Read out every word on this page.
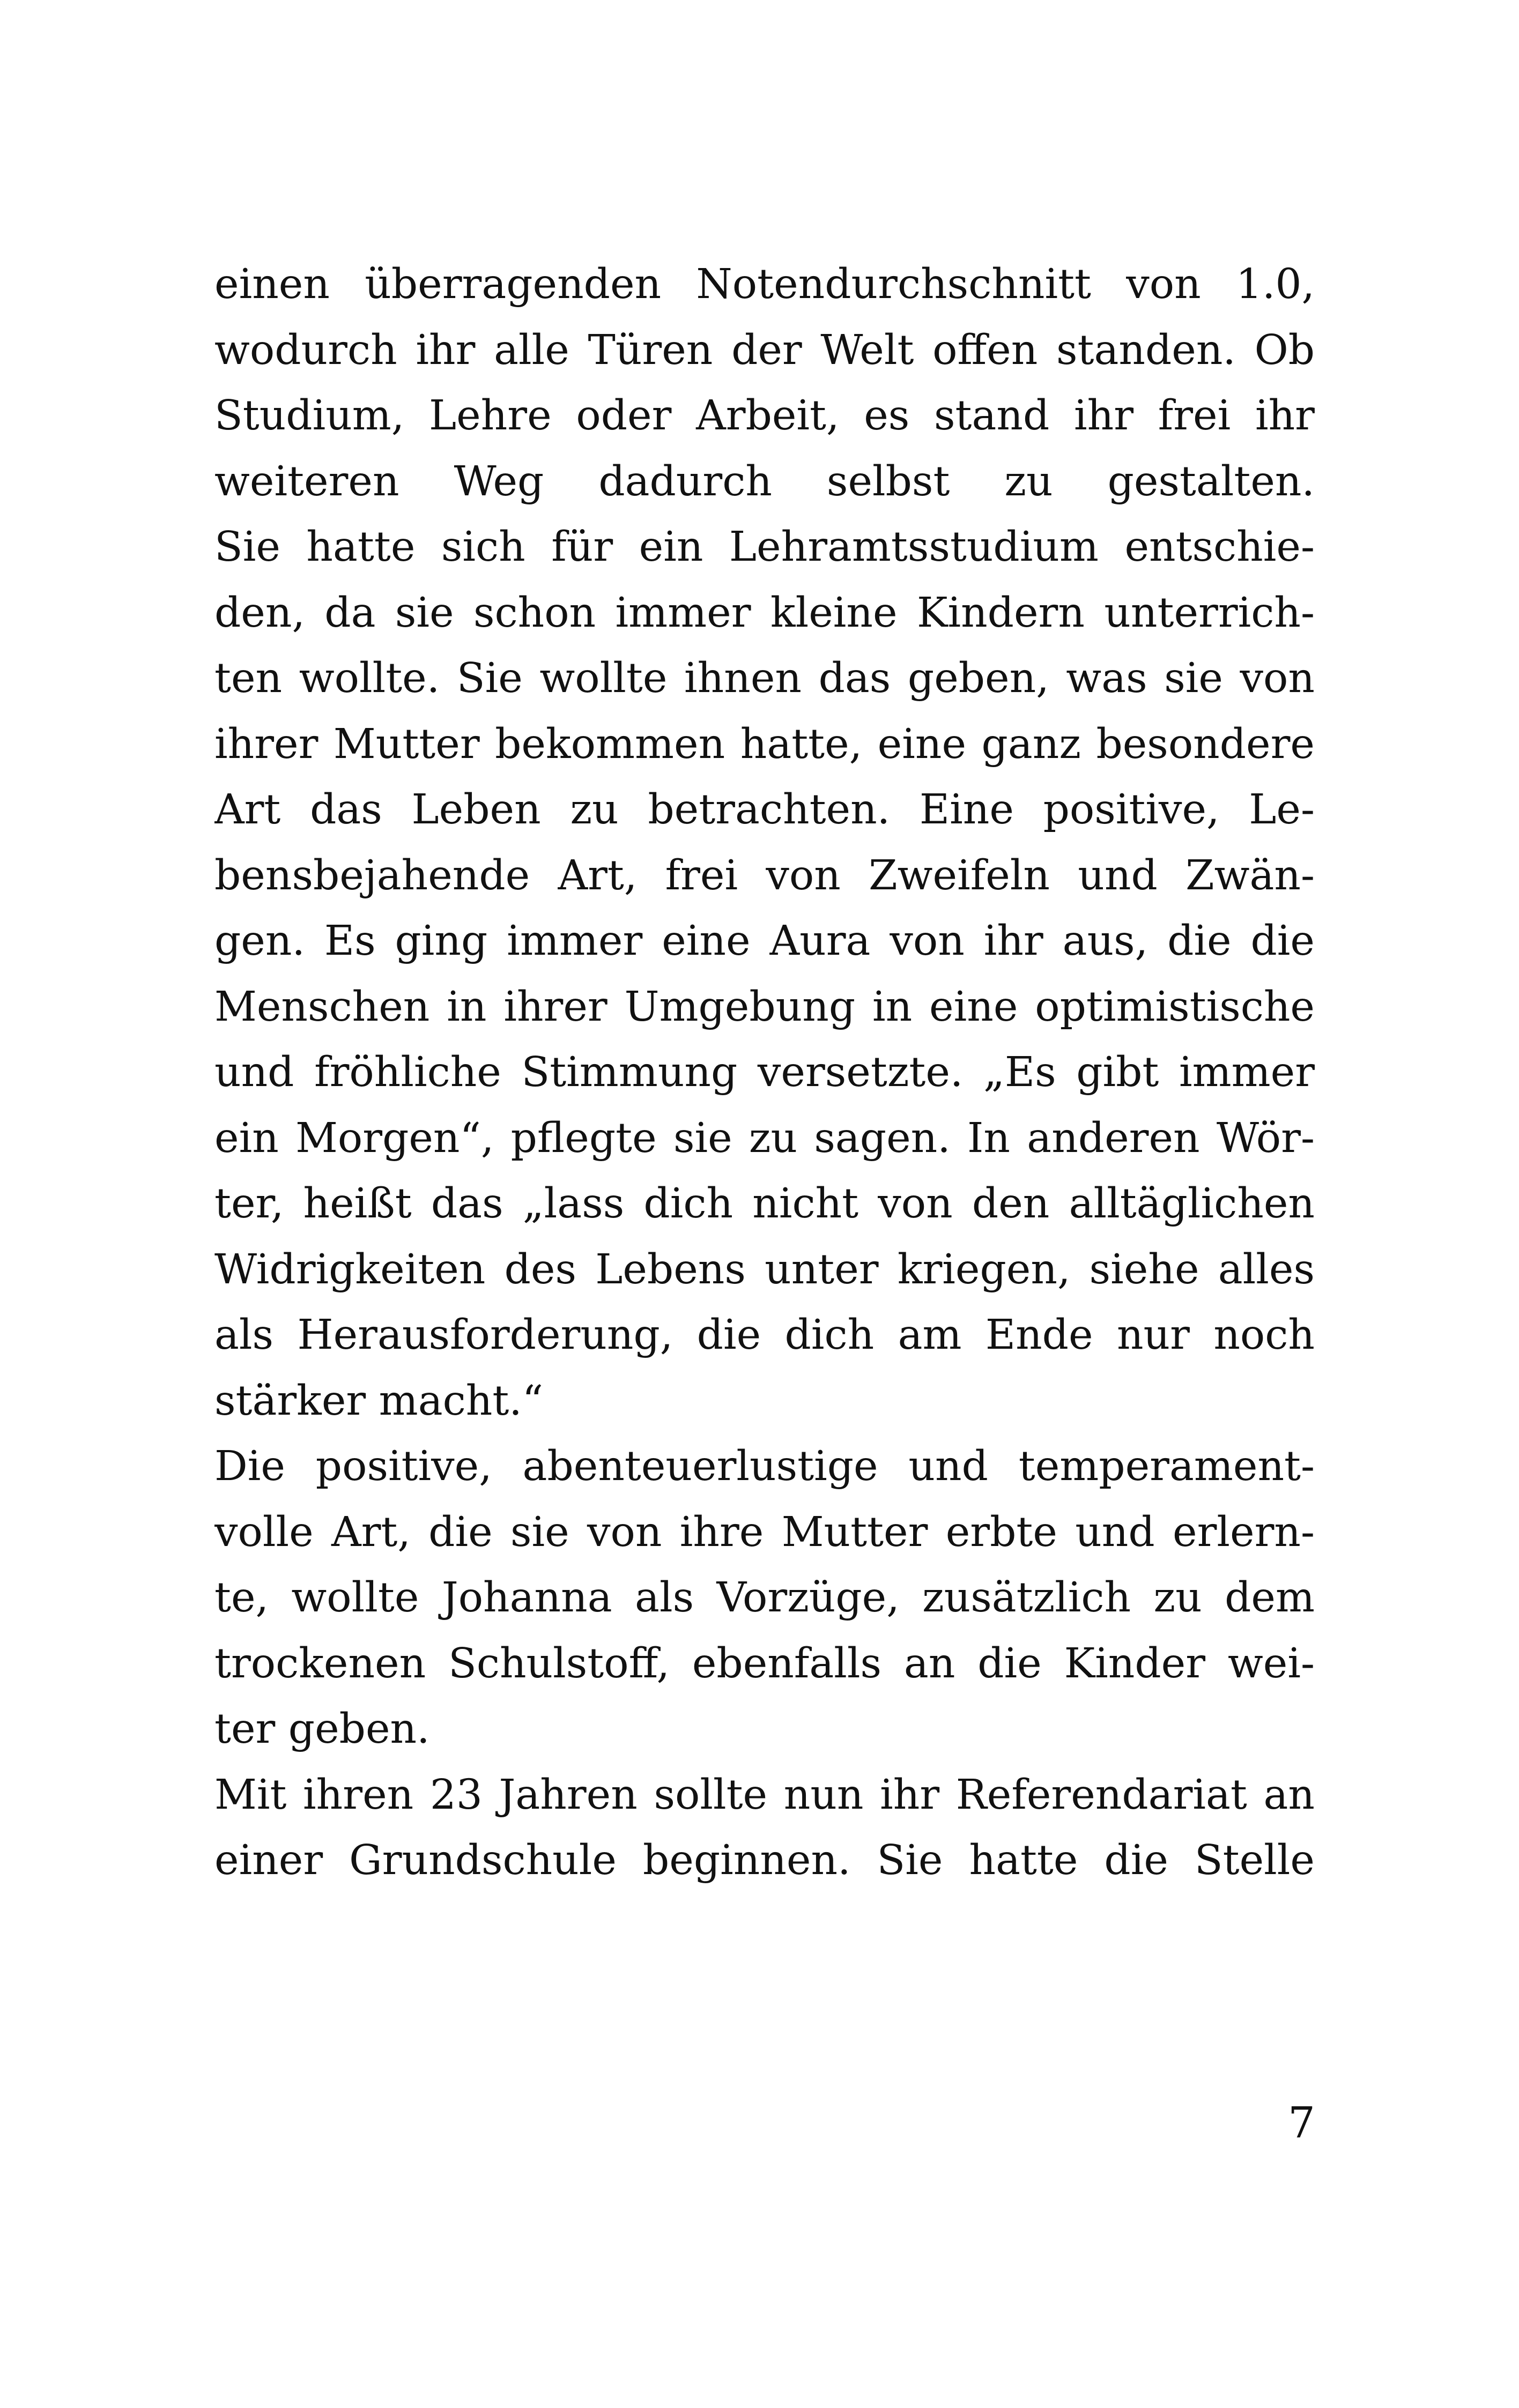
einen überragenden Notendurchschnitt von 1.0,
wodurch ihr alle Türen der Welt offen standen. Ob
Studium, Lehre oder Arbeit, es stand ihr frei ihr
weiteren Weg dadurch selbst zu gestalten.
Sie hatte sich für ein Lehramtsstudium entschie-
den, da sie schon immer kleine Kindern unterrich-
ten wollte. Sie wollte ihnen das geben, was sie von
ihrer Mutter bekommen hatte, eine ganz besondere
Art das Leben zu betrachten. Eine positive, Le-
bensbejahende Art, frei von Zweifeln und Zwän-
gen. Es ging immer eine Aura von ihr aus, die die
Menschen in ihrer Umgebung in eine optimistische
und fröhliche Stimmung versetzte. „Es gibt immer
ein Morgen“, pflegte sie zu sagen. In anderen Wör-
ter, heißt das „lass dich nicht von den alltäglichen
Widrigkeiten des Lebens unter kriegen, siehe alles
als Herausforderung, die dich am Ende nur noch
stärker macht.“
Die positive, abenteuerlustige und temperament-
volle Art, die sie von ihre Mutter erbte und erlern-
te, wollte Johanna als Vorzüge, zusätzlich zu dem
trockenen Schulstoff, ebenfalls an die Kinder wei-
ter geben.
Mit ihren 23 Jahren sollte nun ihr Referendariat an
einer Grundschule beginnen. Sie hatte die Stelle
7
